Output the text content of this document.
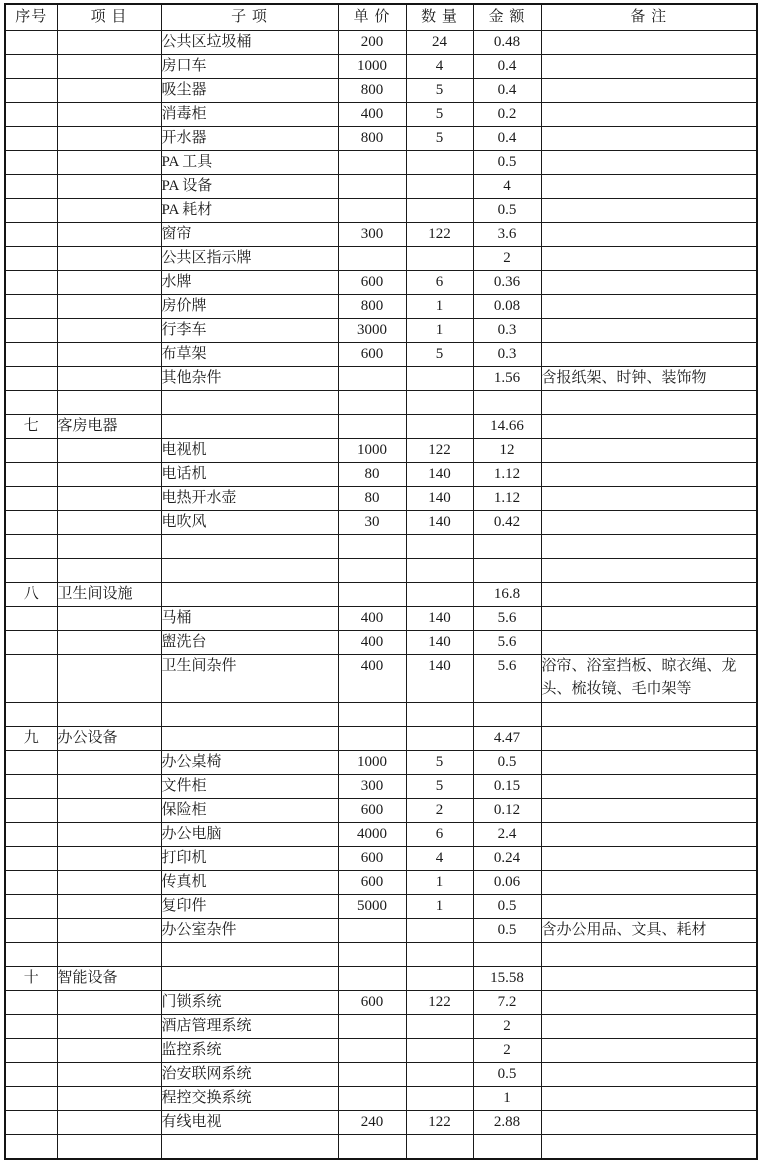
序号	项 目	子 项	单 价	数 量	金 额	备 注
		公共区垃圾桶	200	24	0.48	
		房口车	1000	4	0.4	
		吸尘器	800	5	0.4	
		消毒柜	400	5	0.2	
		开水器	800	5	0.4	
		PA 工具			0.5	
		PA 设备			4	
		PA 耗材			0.5	
		窗帘	300	122	3.6	
		公共区指示牌			2	
		水牌	600	6	0.36	
		房价牌	800	1	0.08	
		行李车	3000	1	0.3	
		布草架	600	5	0.3	
		其他杂件			1.56	含报纸架、时钟、装饰物

七	客房电器				14.66	
		电视机	1000	122	12	
		电话机	80	140	1.12	
		电热开水壶	80	140	1.12	
		电吹风	30	140	0.42	

八	卫生间设施				16.8	
		马桶	400	140	5.6	
		盥洗台	400	140	5.6	
		卫生间杂件	400	140	5.6	浴帘、浴室挡板、晾衣绳、龙头、梳妆镜、毛巾架等

九	办公设备				4.47	
		办公桌椅	1000	5	0.5	
		文件柜	300	5	0.15	
		保险柜	600	2	0.12	
		办公电脑	4000	6	2.4	
		打印机	600	4	0.24	
		传真机	600	1	0.06	
		复印件	5000	1	0.5	
		办公室杂件			0.5	含办公用品、文具、耗材

十	智能设备				15.58	
		门锁系统	600	122	7.2	
		酒店管理系统			2	
		监控系统			2	
		治安联网系统			0.5	
		程控交换系统			1	
		有线电视	240	122	2.88	
